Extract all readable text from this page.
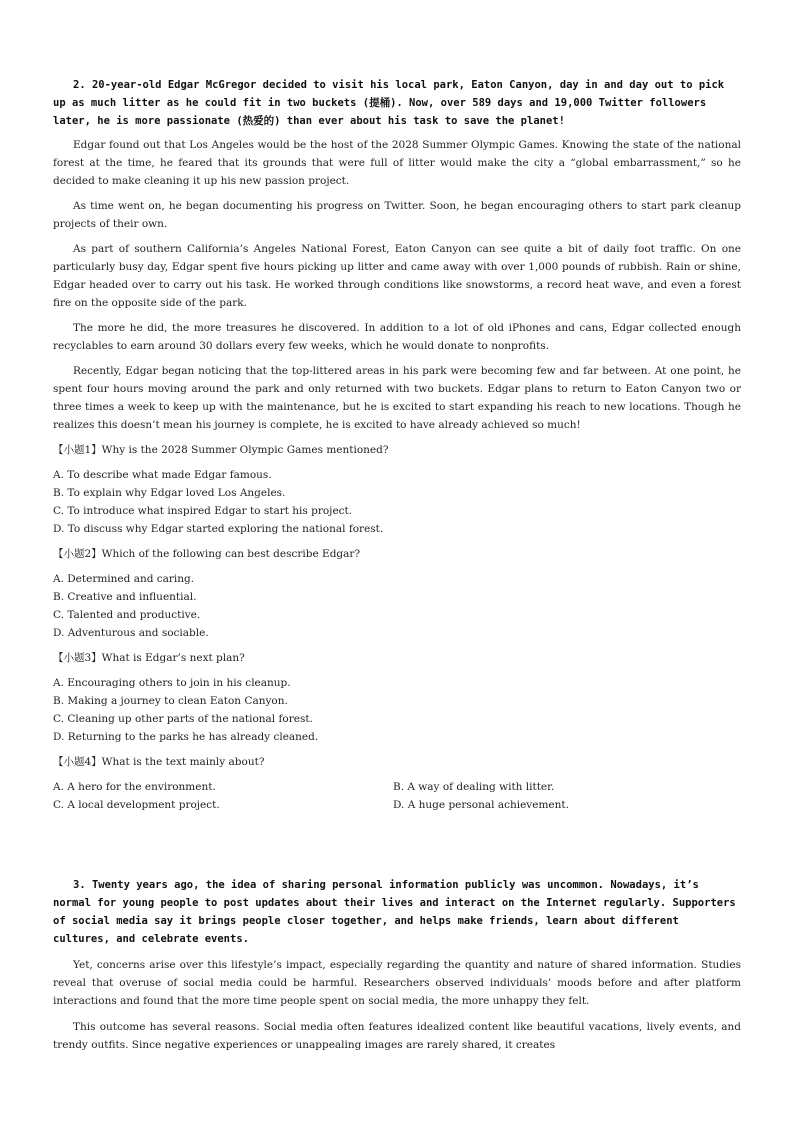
2. 20-year-old Edgar McGregor decided to visit his local park, Eaton Canyon, day in and day out to pick up as much litter as he could fit in two buckets (提桶). Now, over 589 days and 19,000 Twitter followers later, he is more passionate (热爱的) than ever about his task to save the planet!

Edgar found out that Los Angeles would be the host of the 2028 Summer Olympic Games. Knowing the state of the national forest at the time, he feared that its grounds that were full of litter would make the city a “global embarrassment,” so he decided to make cleaning it up his new passion project.

As time went on, he began documenting his progress on Twitter. Soon, he began encouraging others to start park cleanup projects of their own.

As part of southern California’s Angeles National Forest, Eaton Canyon can see quite a bit of daily foot traffic. On one particularly busy day, Edgar spent five hours picking up litter and came away with over 1,000 pounds of rubbish. Rain or shine, Edgar headed over to carry out his task. He worked through conditions like snowstorms, a record heat wave, and even a forest fire on the opposite side of the park.

The more he did, the more treasures he discovered. In addition to a lot of old iPhones and cans, Edgar collected enough recyclables to earn around 30 dollars every few weeks, which he would donate to nonprofits.

Recently, Edgar began noticing that the top-littered areas in his park were becoming few and far between. At one point, he spent four hours moving around the park and only returned with two buckets. Edgar plans to return to Eaton Canyon two or three times a week to keep up with the maintenance, but he is excited to start expanding his reach to new locations. Though he realizes this doesn’t mean his journey is complete, he is excited to have already achieved so much!

【小题1】Why is the 2028 Summer Olympic Games mentioned?

A. To describe what made Edgar famous.

B. To explain why Edgar loved Los Angeles.

C. To introduce what inspired Edgar to start his project.

D. To discuss why Edgar started exploring the national forest.

【小题2】Which of the following can best describe Edgar?

A. Determined and caring.

B. Creative and influential.

C. Talented and productive.

D. Adventurous and sociable.

【小题3】What is Edgar’s next plan?

A. Encouraging others to join in his cleanup.

B. Making a journey to clean Eaton Canyon.

C. Cleaning up other parts of the national forest.

D. Returning to the parks he has already cleaned.

【小题4】What is the text mainly about?

A. A hero for the environment.	B. A way of dealing with litter.
C. A local development project.	D. A huge personal achievement.

3. Twenty years ago, the idea of sharing personal information publicly was uncommon. Nowadays, it’s normal for young people to post updates about their lives and interact on the Internet regularly. Supporters of social media say it brings people closer together, and helps make friends, learn about different cultures, and celebrate events.

Yet, concerns arise over this lifestyle’s impact, especially regarding the quantity and nature of shared information. Studies reveal that overuse of social media could be harmful. Researchers observed individuals’ moods before and after platform interactions and found that the more time people spent on social media, the more unhappy they felt.

This outcome has several reasons. Social media often features idealized content like beautiful vacations, lively events, and trendy outfits. Since negative experiences or unappealing images are rarely shared, it creates
